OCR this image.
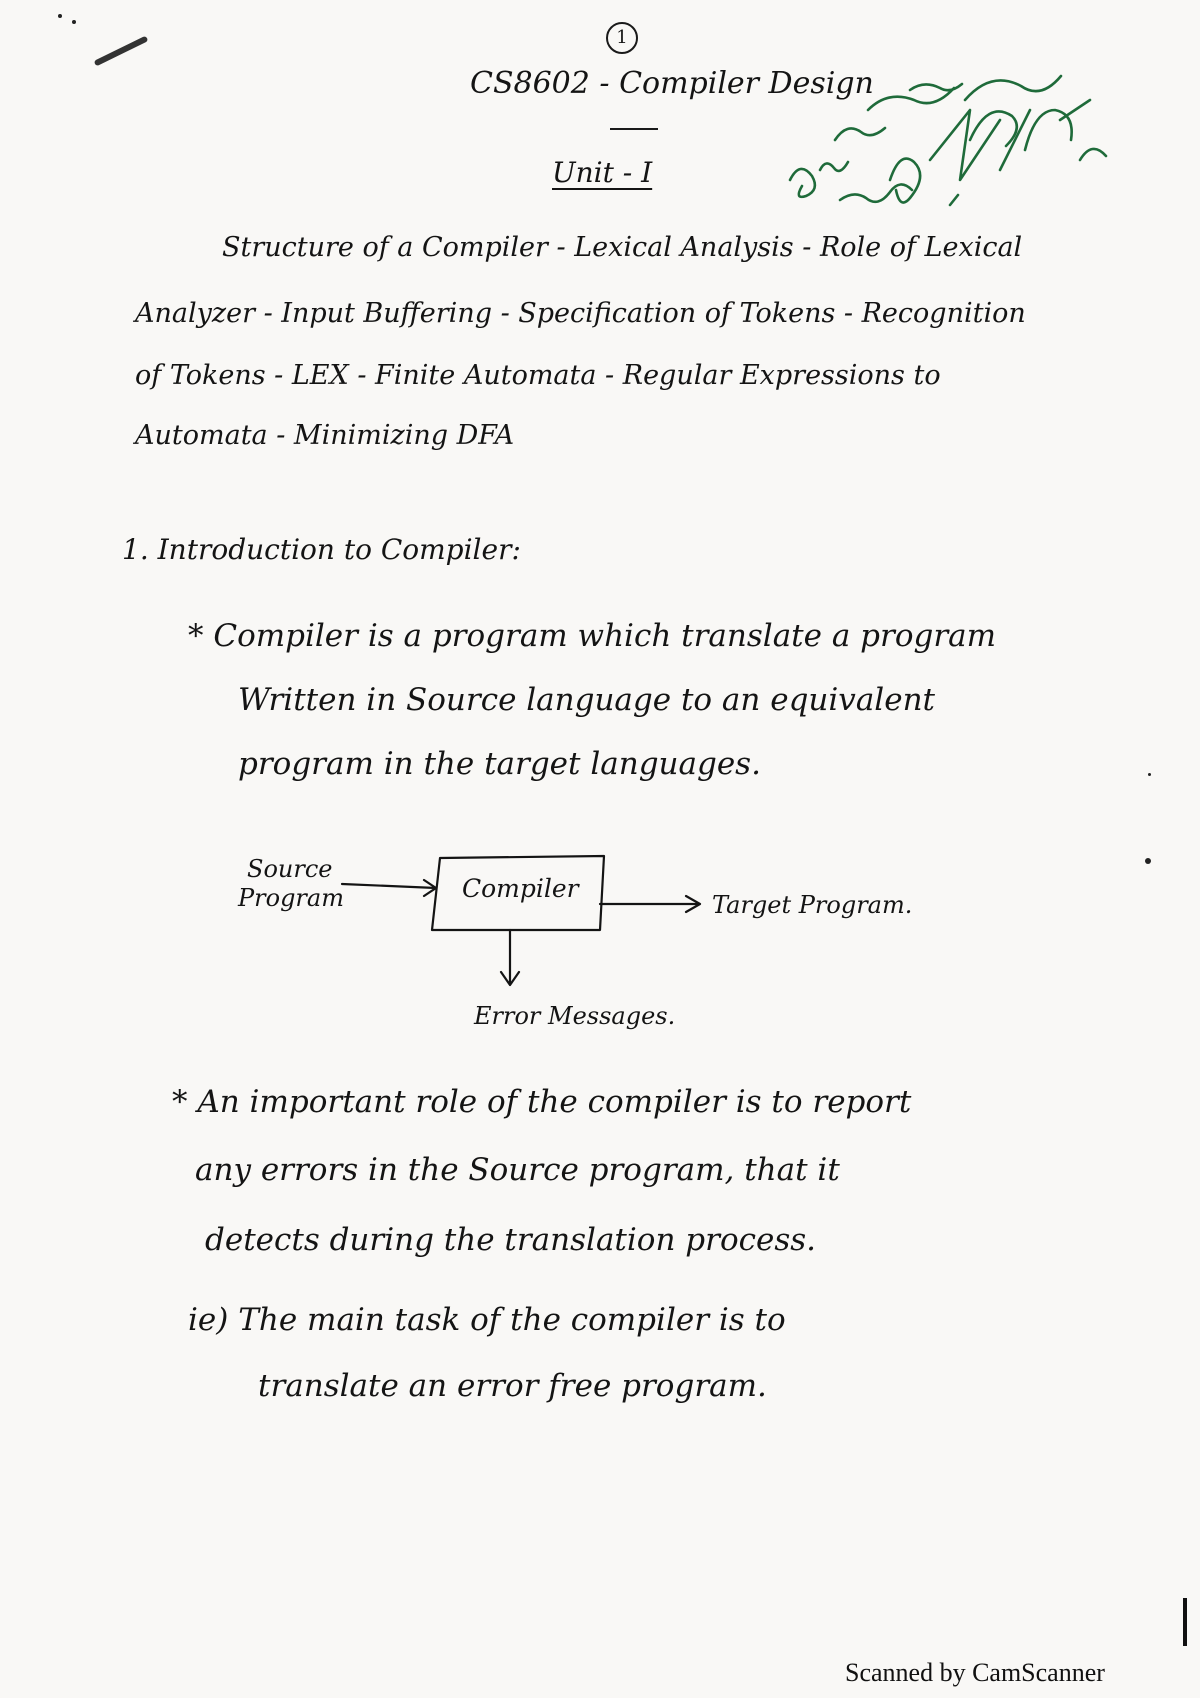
1
CS8602 - Compiler Design
Unit - I
Structure of a Compiler - Lexical Analysis - Role of Lexical
Analyzer - Input Buffering - Specification of Tokens - Recognition
of Tokens - LEX - Finite Automata - Regular Expressions to
Automata - Minimizing DFA
1. Introduction to Compiler:
* Compiler is a program which translate a program
Written in Source language to an equivalent
program in the target languages.
Source
Program	Compiler
Target Program.
Error Messages.
* An important role of the compiler is to report
any errors in the Source program, that it
detects during the translation process.
ie) The main task of the compiler is to
translate an error free program.
Scanned by CamScanner
